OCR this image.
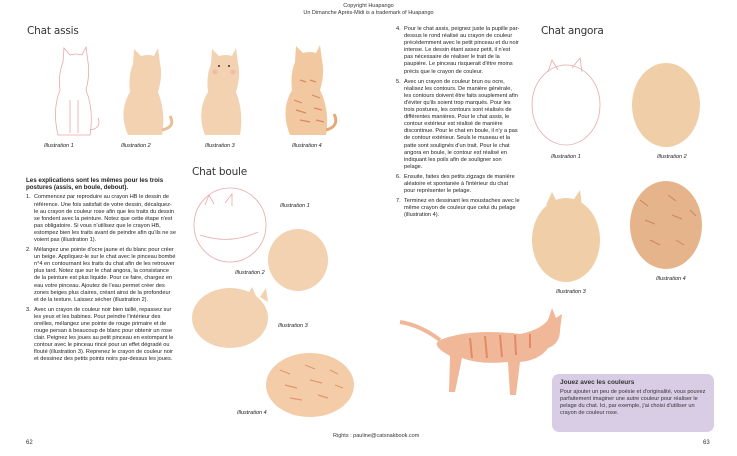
Copyright Huapango
Un Dimanche Après-Midi is a trademark of Huapango
Chat assis
Chat boule
Chat angora
Illustration 1	Illustration 2	Illustration 3	Illustration 4
Illustration 1
Illustration 2
Illustration 3
Illustration 4
Illustration 1	Illustration 2
Illustration 3
Illustration 4

Les explications sont les mêmes pour les trois postures (assis, en boule, debout).

1. Commencez par reproduire au crayon HB le dessin de référence. Une fois satisfait de votre dessin, décalquez-le au crayon de couleur rose afin que les traits du dessin se fondent avec la peinture. Notez que cette étape n'est pas obligatoire. Si vous n'utilisez que le crayon HB, estompez bien les traits avant de peindre afin qu'ils ne se voient pas (illustration 1).
2. Mélangez une pointe d'ocre jaune et du blanc pour créer un beige. Appliquez-le sur le chat avec le pinceau bombé n°4 en contournant les traits du chat afin de les retrouver plus tard. Notez que sur le chat angora, la consistance de la peinture est plus liquide. Pour ce faire, chargez en eau votre pinceau. Ajoutez de l'eau permet créer des zones beiges plus claires, créant ainsi de la profondeur et de la texture. Laissez sécher (illustration 2).
3. Avec un crayon de couleur noir bien taillé, repassez sur les yeux et les babines. Pour peindre l'intérieur des oreilles, mélangez une pointe de rouge primaire et de rouge persan à beaucoup de blanc pour obtenir un rose clair. Peignez les joues au petit pinceau en estompant le contour avec le pinceau rincé pour un effet dégradé ou flouté (illustration 3). Reprenez le crayon de couleur noir et dessinez des petits points noirs par-dessus les joues.
4. Pour le chat assis, peignez juste la pupille par-dessus le rond réalisé au crayon de couleur précédemment avec le petit pinceau et du noir intense. Le dessin étant assez petit, il n'est pas nécessaire de réaliser le trait de la paupière. Le pinceau risquerait d'être moins précis que le crayon de couleur.
5. Avec un crayon de couleur brun ou ocre, réalisez les contours. De manière générale, les contours doivent être faits souplement afin d'éviter qu'ils soient trop marqués. Pour les trois postures, les contours sont réalisés de différentes manières. Pour le chat assis, le contour extérieur est réalisé de manière discontinue. Pour le chat en boule, il n'y a pas de contour extérieur. Seuls le museau et la patte sont soulignés d'un trait. Pour le chat angora en boule, le contour est réalisé en indiquant les poils afin de souligner son pelage.
6. Ensuite, faites des petits zigzags de manière aléatoire et spontanée à l'intérieur du chat pour représenter le pelage.
7. Terminez en dessinant les moustaches avec le même crayon de couleur que celui du pelage (illustration 4).
Jouez avec les couleurs
Pour ajouter un peu de poésie et d'originalité, vous pouvez parfaitement imaginer une autre couleur pour réaliser le pelage du chat. Ici, par exemple, j'ai choisi d'utiliser un crayon de couleur rose.
62
Rights : pauline@catsnakbook.com
63
